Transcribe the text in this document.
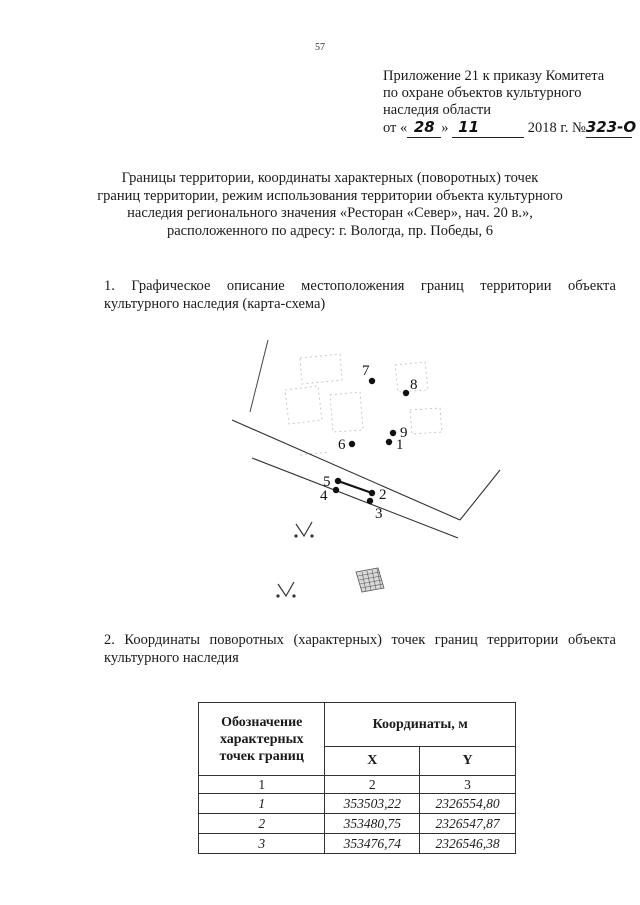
57
Приложение 21 к приказу Комитета
по охране объектов культурного
наследия области
от « 28 » 11	2018 г. №323-О
Границы территории, координаты характерных (поворотных) точек
границ территории, режим использования территории объекта культурного
наследия регионального значения «Ресторан «Север», нач. 20 в.»,
расположенного по адресу: г. Вологда, пр. Победы, 6
1. Графическое описание местоположения границ территории объекта
культурного наследия (карта-схема)
7
8
9
6	1
5
2
4
3
2. Координаты поворотных (характерных) точек границ территории объекта
культурного наследия
Обозначение
характерных
точек границ	Координаты, м	
	X	Y
1	2	3
1	353503,22	2326554,80
2	353480,75	2326547,87
3	353476,74	2326546,38
